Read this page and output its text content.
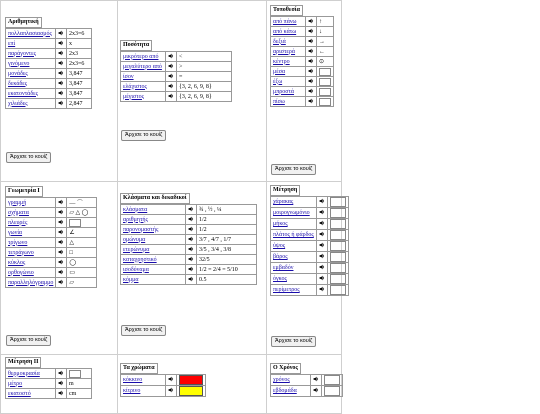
Αριθμητική
πολλαπλασιασμός		2x3=6
επί		x
παράγοντες		2x3
γινόμενο		2x3=6
μονάδες		3,847
δεκάδες		3,847
εκατοντάδες		3,847
χιλιάδες		2,847
Άρχισε το κουίζ
Ποσότητα
μικρότερο από		<
μεγαλύτερο από		>
ίσον		=
ελάχιστος		{3, 2, 6, 9, 8}
μέγιστος		{3, 2, 6, 9, 8}
Άρχισε το κουίζ
Τοποθεσία
από πάνω		↑
από κάτω		↓
δεξιά		→
αριστερά		←
κέντρο		⊙
μέσα		
έξω		
μπροστά		
πίσω		
Άρχισε το κουίζ
Γεωμετρία Ι
γραμμή		— ⌒
σχήματα		▱ △ ◯
πλευρές		
γωνία		∠
τρίγωνο		△
τετράγωνο		□
κύκλος		◯
ορθογώνιο		▭
παραλληλόγραμμο		▱
Άρχισε το κουίζ
Κλάσματα και δεκαδικοί
κλάσματα		¾ , ½ , ¼
αριθμητής		1/2
παρονομαστής		1/2
ομώνυμα		3/7 , 4/7 , 1/7
ετερώνυμα		3/5 , 3/4 , 3/8
καταχρηστικό		32/5
ισοδύναμα		1/2 = 2/4 = 5/10
κόμμα		0.5
Άρχισε το κουίζ
Μέτρηση
χάρακας		
μοιρογνωμόνιο		
μήκος		
πλάτος ή φάρδος		
ύψος		
βάρος		
εμβαδόν		
όγκος		
περίμετρος		
Άρχισε το κουίζ
Μέτρηση ΙΙ
θερμοκρασία		
μέτρο		m
εκατοστό		cm
Τα χρώματα
κόκκινο		
κίτρινο		
Ο Χρόνος
χρόνος		
εβδομάδα		
